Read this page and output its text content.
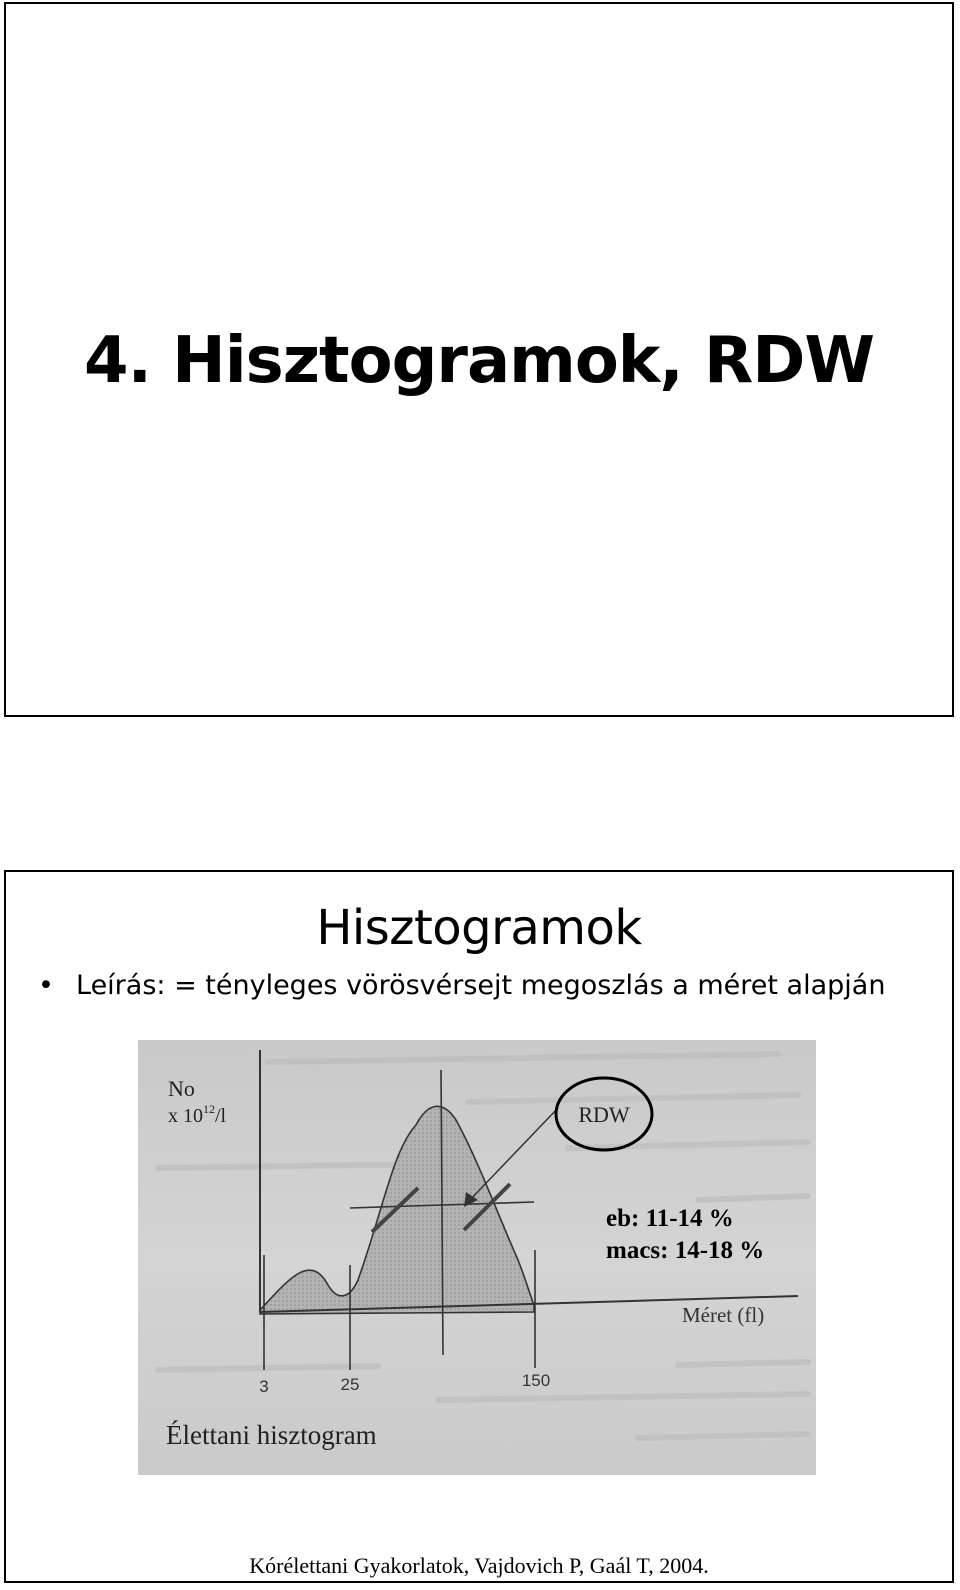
4. Hisztogramok, RDW
Hisztogramok
• Leírás: = tényleges vörösvérsejt megoszlás a méret alapján
RDW
No
x $10^{12}/l$
Méret (fl)
3	25	150
eb: 11-14 %
macs: 14-18 %
Élettani hisztogram
Kórélettani Gyakorlatok, Vajdovich P, Gaál T, 2004.
